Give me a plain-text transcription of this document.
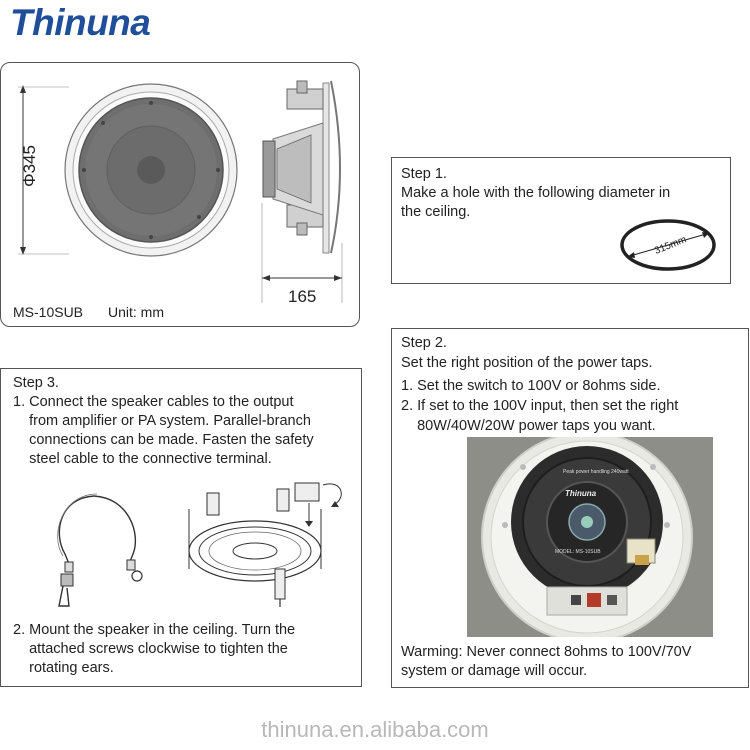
Thinuna
Φ345
165
MS-10SUB Unit: mm
Step 1.
Make a hole with the following diameter in
the ceiling.
315mm
Step 2.
Set the right position of the power taps.
1. Set the switch to 100V or 8ohms side.
2. If set to the 100V input, then set the right
80W/40W/20W power taps you want.
Warming: Never connect 8ohms to 100V/70V
system or damage will occur.
Thinuna
MODEL: MS-10SUB
Peak power handling 240watt
Step 3.
1. Connect the speaker cables to the output
from amplifier or PA system. Parallel-branch
connections can be made. Fasten the safety
steel cable to the connective terminal.
2. Mount the speaker in the ceiling. Turn the
attached screws clockwise to tighten the
rotating ears.
thinuna.en.alibaba.com
